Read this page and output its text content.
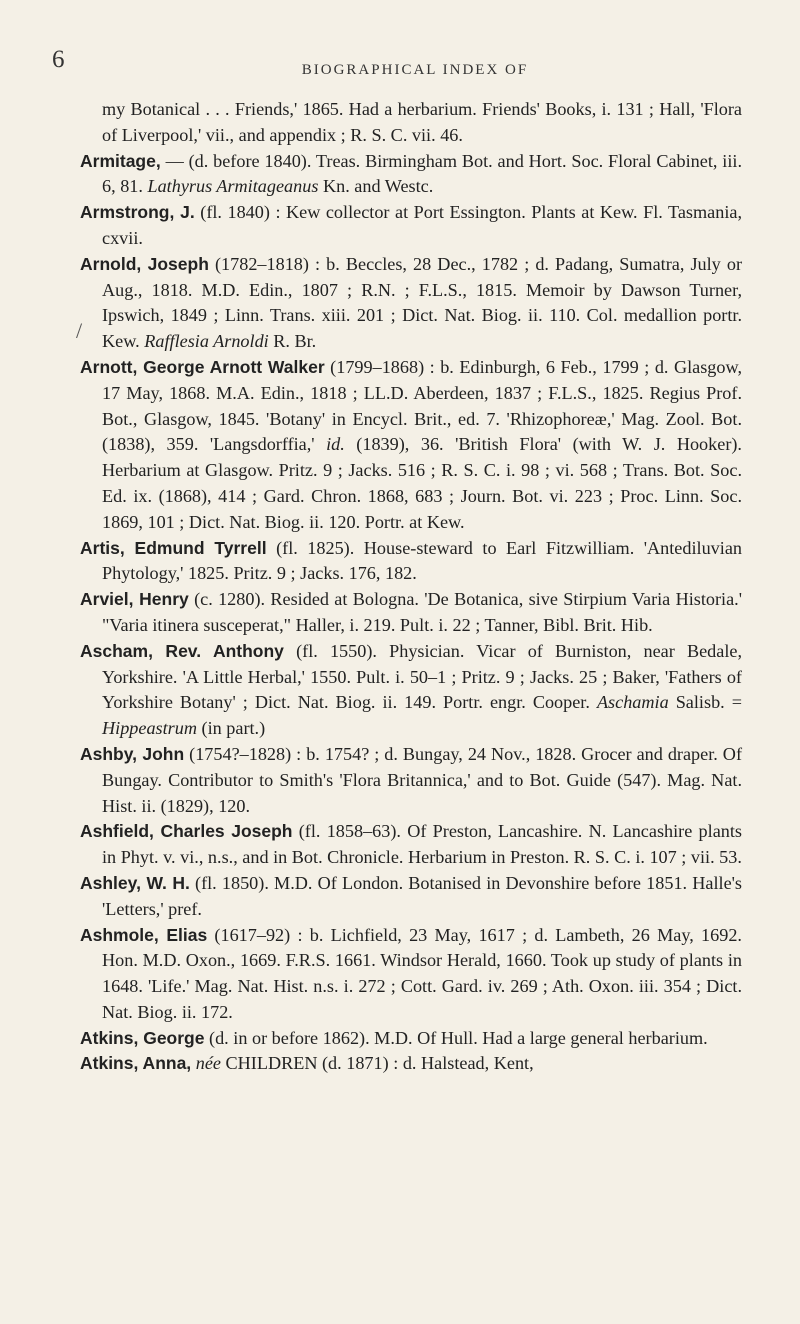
6	BIOGRAPHICAL INDEX OF
/

my Botanical . . . Friends,' 1865. Had a herbarium. Friends' Books, i. 131 ; Hall, 'Flora of Liverpool,' vii., and appendix ; R. S. C. vii. 46.

Armitage, — (d. before 1840). Treas. Birmingham Bot. and Hort. Soc. Floral Cabinet, iii. 6, 81. Lathyrus Armitageanus Kn. and Westc.

Armstrong, J. (fl. 1840) : Kew collector at Port Essington. Plants at Kew. Fl. Tasmania, cxvii.

Arnold, Joseph (1782–1818) : b. Beccles, 28 Dec., 1782 ; d. Padang, Sumatra, July or Aug., 1818. M.D. Edin., 1807 ; R.N. ; F.L.S., 1815. Memoir by Dawson Turner, Ipswich, 1849 ; Linn. Trans. xiii. 201 ; Dict. Nat. Biog. ii. 110. Col. medallion portr. Kew. Rafflesia Arnoldi R. Br.

Arnott, George Arnott Walker (1799–1868) : b. Edinburgh, 6 Feb., 1799 ; d. Glasgow, 17 May, 1868. M.A. Edin., 1818 ; LL.D. Aberdeen, 1837 ; F.L.S., 1825. Regius Prof. Bot., Glasgow, 1845. 'Botany' in Encycl. Brit., ed. 7. 'Rhizophoreæ,' Mag. Zool. Bot. (1838), 359. 'Langsdorffia,' id. (1839), 36. 'British Flora' (with W. J. Hooker). Herbarium at Glasgow. Pritz. 9 ; Jacks. 516 ; R. S. C. i. 98 ; vi. 568 ; Trans. Bot. Soc. Ed. ix. (1868), 414 ; Gard. Chron. 1868, 683 ; Journ. Bot. vi. 223 ; Proc. Linn. Soc. 1869, 101 ; Dict. Nat. Biog. ii. 120. Portr. at Kew.

Artis, Edmund Tyrrell (fl. 1825). House-steward to Earl Fitzwilliam. 'Antediluvian Phytology,' 1825. Pritz. 9 ; Jacks. 176, 182.

Arviel, Henry (c. 1280). Resided at Bologna. 'De Botanica, sive Stirpium Varia Historia.' "Varia itinera susceperat," Haller, i. 219. Pult. i. 22 ; Tanner, Bibl. Brit. Hib.

Ascham, Rev. Anthony (fl. 1550). Physician. Vicar of Burniston, near Bedale, Yorkshire. 'A Little Herbal,' 1550. Pult. i. 50–1 ; Pritz. 9 ; Jacks. 25 ; Baker, 'Fathers of Yorkshire Botany' ; Dict. Nat. Biog. ii. 149. Portr. engr. Cooper. Aschamia Salisb. = Hippeastrum (in part.)

Ashby, John (1754?–1828) : b. 1754? ; d. Bungay, 24 Nov., 1828. Grocer and draper. Of Bungay. Contributor to Smith's 'Flora Britannica,' and to Bot. Guide (547). Mag. Nat. Hist. ii. (1829), 120.

Ashfield, Charles Joseph (fl. 1858–63). Of Preston, Lancashire. N. Lancashire plants in Phyt. v. vi., n.s., and in Bot. Chronicle. Herbarium in Preston. R. S. C. i. 107 ; vii. 53.

Ashley, W. H. (fl. 1850). M.D. Of London. Botanised in Devonshire before 1851. Halle's 'Letters,' pref.

Ashmole, Elias (1617–92) : b. Lichfield, 23 May, 1617 ; d. Lambeth, 26 May, 1692. Hon. M.D. Oxon., 1669. F.R.S. 1661. Windsor Herald, 1660. Took up study of plants in 1648. 'Life.' Mag. Nat. Hist. n.s. i. 272 ; Cott. Gard. iv. 269 ; Ath. Oxon. iii. 354 ; Dict. Nat. Biog. ii. 172.

Atkins, George (d. in or before 1862). M.D. Of Hull. Had a large general herbarium.

Atkins, Anna, née CHILDREN (d. 1871) : d. Halstead, Kent,
